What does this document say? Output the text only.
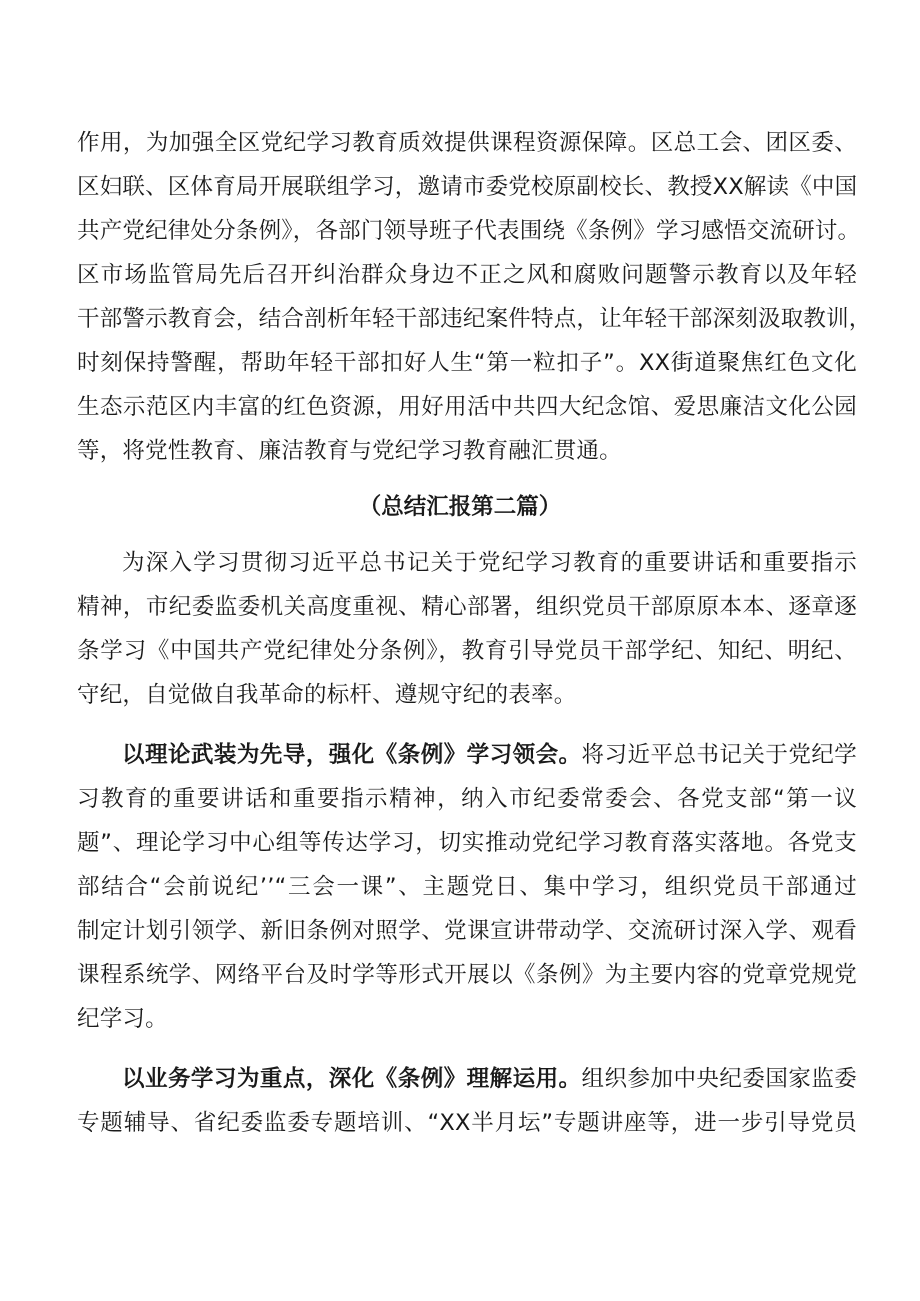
作用，为加强全区党纪学习教育质效提供课程资源保障。区总工会、团区委、
区妇联、区体育局开展联组学习，邀请市委党校原副校长、教授XX解读《中国
共产党纪律处分条例》，各部门领导班子代表围绕《条例》学习感悟交流研讨。
区市场监管局先后召开纠治群众身边不正之风和腐败问题警示教育以及年轻
干部警示教育会，结合剖析年轻干部违纪案件特点，让年轻干部深刻汲取教训，
时刻保持警醒，帮助年轻干部扣好人生“第一粒扣子”。XX街道聚焦红色文化
生态示范区内丰富的红色资源，用好用活中共四大纪念馆、爱思廉洁文化公园
等，将党性教育、廉洁教育与党纪学习教育融汇贯通。
（总结汇报第二篇）
为深入学习贯彻习近平总书记关于党纪学习教育的重要讲话和重要指示
精神，市纪委监委机关高度重视、精心部署，组织党员干部原原本本、逐章逐
条学习《中国共产党纪律处分条例》，教育引导党员干部学纪、知纪、明纪、
守纪，自觉做自我革命的标杆、遵规守纪的表率。
以理论武装为先导，强化《条例》学习领会。将习近平总书记关于党纪学
习教育的重要讲话和重要指示精神，纳入市纪委常委会、各党支部“第一议
题”、理论学习中心组等传达学习，切实推动党纪学习教育落实落地。各党支
部结合“会前说纪’’“三会一课”、主题党日、集中学习，组织党员干部通过
制定计划引领学、新旧条例对照学、党课宣讲带动学、交流研讨深入学、观看
课程系统学、网络平台及时学等形式开展以《条例》为主要内容的党章党规党
纪学习。
以业务学习为重点，深化《条例》理解运用。组织参加中央纪委国家监委
专题辅导、省纪委监委专题培训、“XX半月坛”专题讲座等，进一步引导党员
